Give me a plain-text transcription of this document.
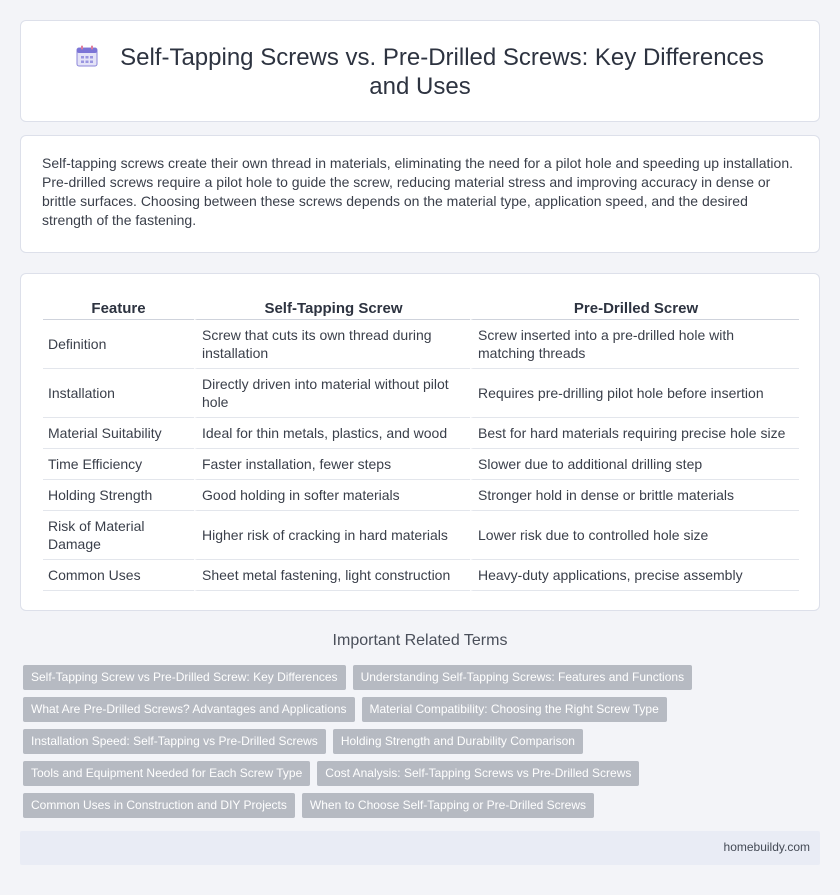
Self-Tapping Screws vs. Pre-Drilled Screws: Key Differences and Uses

Self-tapping screws create their own thread in materials, eliminating the need for a pilot hole and speeding up installation. Pre-drilled screws require a pilot hole to guide the screw, reducing material stress and improving accuracy in dense or brittle surfaces. Choosing between these screws depends on the material type, application speed, and the desired strength of the fastening.

Feature	Self-Tapping Screw	Pre-Drilled Screw
Definition	Screw that cuts its own thread during installation	Screw inserted into a pre-drilled hole with matching threads
Installation	Directly driven into material without pilot hole	Requires pre-drilling pilot hole before insertion
Material Suitability	Ideal for thin metals, plastics, and wood	Best for hard materials requiring precise hole size
Time Efficiency	Faster installation, fewer steps	Slower due to additional drilling step
Holding Strength	Good holding in softer materials	Stronger hold in dense or brittle materials
Risk of Material Damage	Higher risk of cracking in hard materials	Lower risk due to controlled hole size
Common Uses	Sheet metal fastening, light construction	Heavy-duty applications, precise assembly
Important Related Terms
Self-Tapping Screw vs Pre-Drilled Screw: Key Differences	Understanding Self-Tapping Screws: Features and Functions
What Are Pre-Drilled Screws? Advantages and Applications	Material Compatibility: Choosing the Right Screw Type
Installation Speed: Self-Tapping vs Pre-Drilled Screws	Holding Strength and Durability Comparison
Tools and Equipment Needed for Each Screw Type	Cost Analysis: Self-Tapping Screws vs Pre-Drilled Screws
Common Uses in Construction and DIY Projects	When to Choose Self-Tapping or Pre-Drilled Screws
homebuildy.com
